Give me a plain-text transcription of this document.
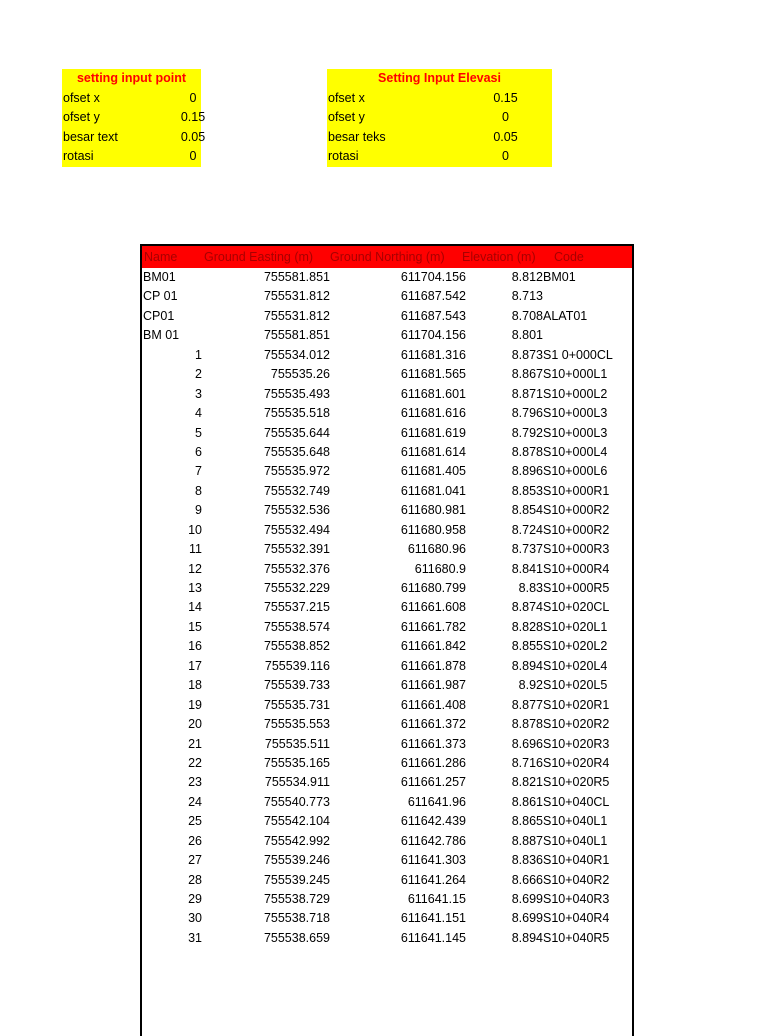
setting input point
ofset x	0
ofset y	0.15
besar text	0.05
rotasi	0
Setting Input Elevasi
ofset x	0.15
ofset y	0
besar teks	0.05
rotasi	0
Name Ground Easting (m) Ground Northing (m) Elevation (m) Code
BM01	755581.851	611704.156	8.812 BM01
CP 01	755531.812	611687.542	8.713
CP01	755531.812	611687.543	8.708 ALAT01
BM 01	755581.851	611704.156	8.801
1	755534.012	611681.316	8.873 S1 0+000CL
2	755535.26	611681.565	8.867 S10+000L1
3	755535.493	611681.601	8.871 S10+000L2
4	755535.518	611681.616	8.796 S10+000L3
5	755535.644	611681.619	8.792 S10+000L3
6	755535.648	611681.614	8.878 S10+000L4
7	755535.972	611681.405	8.896 S10+000L6
8	755532.749	611681.041	8.853 S10+000R1
9	755532.536	611680.981	8.854 S10+000R2
10	755532.494	611680.958	8.724 S10+000R2
11	755532.391	611680.96	8.737 S10+000R3
12	755532.376	611680.9	8.841 S10+000R4
13	755532.229	611680.799	8.83 S10+000R5
14	755537.215	611661.608	8.874 S10+020CL
15	755538.574	611661.782	8.828 S10+020L1
16	755538.852	611661.842	8.855 S10+020L2
17	755539.116	611661.878	8.894 S10+020L4
18	755539.733	611661.987	8.92 S10+020L5
19	755535.731	611661.408	8.877 S10+020R1
20	755535.553	611661.372	8.878 S10+020R2
21	755535.511	611661.373	8.696 S10+020R3
22	755535.165	611661.286	8.716 S10+020R4
23	755534.911	611661.257	8.821 S10+020R5
24	755540.773	611641.96	8.861 S10+040CL
25	755542.104	611642.439	8.865 S10+040L1
26	755542.992	611642.786	8.887 S10+040L1
27	755539.246	611641.303	8.836 S10+040R1
28	755539.245	611641.264	8.666 S10+040R2
29	755538.729	611641.15	8.699 S10+040R3
30	755538.718	611641.151	8.699 S10+040R4
31	755538.659	611641.145	8.894 S10+040R5
